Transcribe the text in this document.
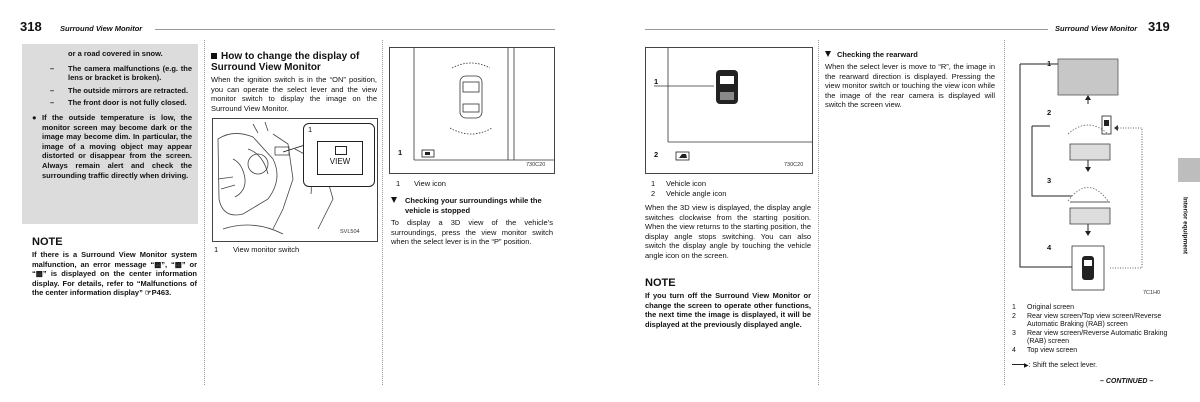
318 Surround View Monitor
or a road covered in snow.
– The camera malfunctions (e.g. the lens or bracket is broken).
– The outside mirrors are retracted.
– The front door is not fully closed.
● If the outside temperature is low, the monitor screen may become dark or the image may become dim. In particular, the image of a moving object may appear distorted or disappear from the screen. Always remain alert and check the surrounding traffic directly when driving.
NOTE
If there is a Surround View Monitor system malfunction, an error message “▩”, “▩” or “▩” is displayed on the center information display. For details, refer to “Malfunctions of the center information display” ☞P463.
How to change the display of Surround View Monitor
When the ignition switch is in the “ON” position, you can operate the select lever and the view monitor switch to display the image on the Surround View Monitor.
1
VIEW
SVL504
1 View monitor switch
1
730C20
1 View icon
Checking your surroundings while the vehicle is stopped
To display a 3D view of the vehicle’s surroundings, press the view monitor switch when the select lever is in the “P” position.
Surround View Monitor 319
Interior equipment
1
2
730C20
1 Vehicle icon
2 Vehicle angle icon
When the 3D view is displayed, the display angle switches clockwise from the starting position. When the view returns to the starting position, the display angle stops switching. You can also switch the display angle by touching the vehicle angle icon on the screen.
NOTE
If you turn off the Surround View Monitor or change the screen to operate other functions, the next time the image is displayed, it will be displayed at the previously displayed angle.
Checking the rearward
When the select lever is move to “R”, the image in the rearward direction is displayed. Pressing the view monitor switch or touching the view icon while the image of the rear camera is displayed will switch the screen view.
1
2
3
4
7C1H0
1 Original screen
2 Rear view screen/Top view screen/Reverse Automatic Braking (RAB) screen
3 Rear view screen/Reverse Automatic Braking (RAB) screen
4 Top view screen
▶: Shift the select lever.
– CONTINUED –
